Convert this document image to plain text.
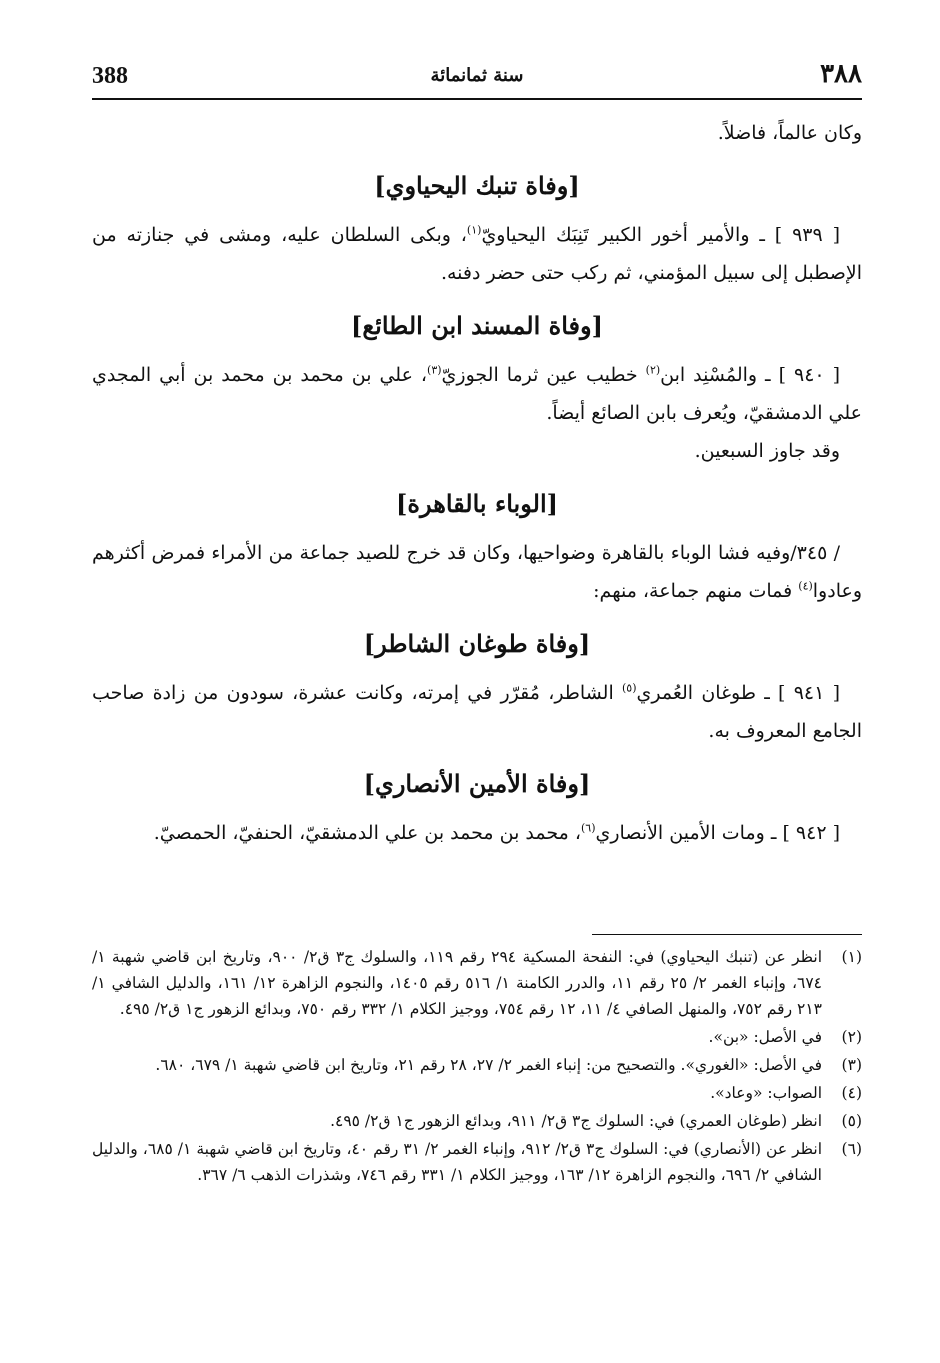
388	سنة ثمانمائة	٣٨٨

وكان عالماً، فاضلاً.

[وفاة تنبك اليحياوي]

[ ٩٣٩ ] ـ والأمير أخور الكبير تَنِبَك اليحياويّ$^{(١)}$، وبكى السلطان عليه، ومشى في جنازته من الإصطبل إلى سبيل المؤمني، ثم ركب حتى حضر دفنه.

[وفاة المسند ابن الطائع]

[ ٩٤٠ ] ـ والمُسْنِد ابن$^{(٢)}$ خطيب عين ثرما الجوزيّ$^{(٣)}$، علي بن محمد بن محمد بن أبي المجدي علي الدمشقيّ، ويُعرف بابن الصائع أيضاً.

وقد جاوز السبعين.

[الوباء بالقاهرة]

/ ٣٤٥/وفيه فشا الوباء بالقاهرة وضواحيها، وكان قد خرج للصيد جماعة من الأمراء فمرض أكثرهم وعادوا$^{(٤)}$ فمات منهم جماعة، منهم:

[وفاة طوغان الشاطر]

[ ٩٤١ ] ـ طوغان العُمري$^{(٥)}$ الشاطر، مُقرّر في إمرته، وكانت عشرة، سودون من زادة صاحب الجامع المعروف به.

[وفاة الأمين الأنصاري]

[ ٩٤٢ ] ـ ومات الأمين الأنصاري$^{(٦)}$، محمد بن محمد بن علي الدمشقيّ، الحنفيّ، الحمصيّ.

(١)
انظر عن (تنبك اليحياوي) في: النفحة المسكية ٢٩٤ رقم ١١٩، والسلوك ج٣ ق٢/ ٩٠٠، وتاريخ ابن قاضي شهبة ١/ ٦٧٤، وإنباء الغمر ٢/ ٢٥ رقم ١١، والدرر الكامنة ١/ ٥١٦ رقم ١٤٠٥، والنجوم الزاهرة ١٢/ ١٦١، والدليل الشافي ١/ ٢١٣ رقم ٧٥٢، والمنهل الصافي ٤/ ١١، ١٢ رقم ٧٥٤، ووجيز الكلام ١/ ٣٣٢ رقم ٧٥٠، وبدائع الزهور ج١ ق٢/ ٤٩٥.
(٢)
في الأصل: «بن».
(٣)
في الأصل: «الغوري». والتصحيح من: إنباء الغمر ٢/ ٢٧، ٢٨ رقم ٢١، وتاريخ ابن قاضي شهبة ١/ ٦٧٩، ٦٨٠.
(٤)
الصواب: «وعاد».
(٥)
انظر (طوغان العمري) في: السلوك ج٣ ق٢/ ٩١١، وبدائع الزهور ج١ ق٢/ ٤٩٥.
(٦)
انظر عن (الأنصاري) في: السلوك ج٣ ق٢/ ٩١٢، وإنباء الغمر ٢/ ٣١ رقم ٤٠، وتاريخ ابن قاضي شهبة ١/ ٦٨٥، والدليل الشافي ٢/ ٦٩٦، والنجوم الزاهرة ١٢/ ١٦٣، ووجيز الكلام ١/ ٣٣١ رقم ٧٤٦، وشذرات الذهب ٦/ ٣٦٧.
